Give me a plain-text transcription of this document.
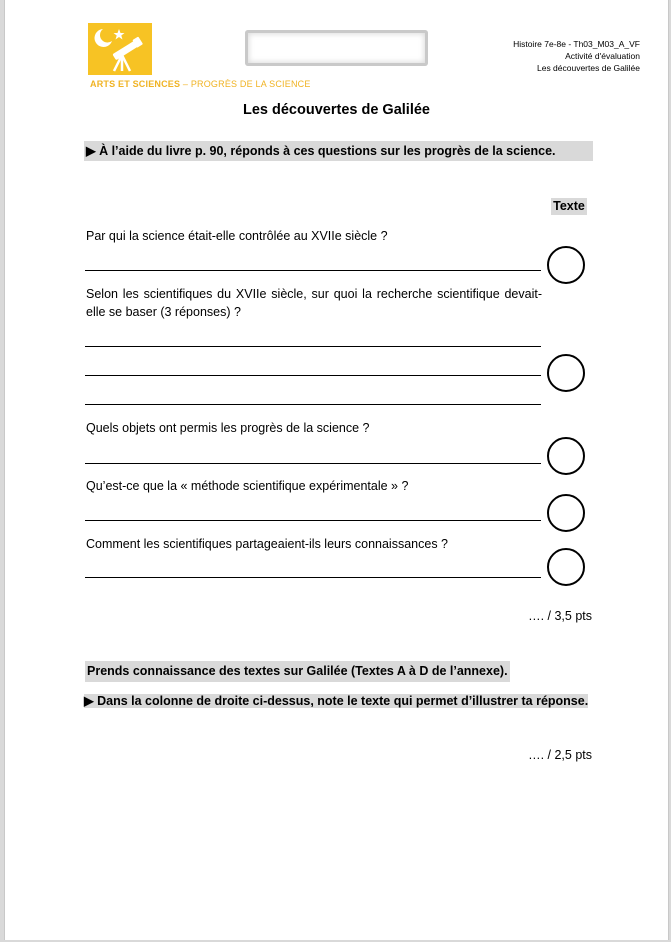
ARTS ET SCIENCES – PROGRÈS DE LA SCIENCE
Histoire 7e-8e - Th03_M03_A_VF
Activité d'évaluation
Les découvertes de Galilée
Les découvertes de Galilée
▶ À l’aide du livre p. 90, réponds à ces questions sur les progrès de la science.
Texte
Par qui la science était-elle contrôlée au XVIIe siècle ?
Selon les scientifiques du XVIIe siècle, sur quoi la recherche scientifique devait-elle se baser (3 réponses) ?
Quels objets ont permis les progrès de la science ?
Qu’est-ce que la « méthode scientifique expérimentale » ?
Comment les scientifiques partageaient-ils leurs connaissances ?
…. / 3,5 pts
Prends connaissance des textes sur Galilée (Textes A à D de l’annexe).
▶ Dans la colonne de droite ci-dessus, note le texte qui permet d’illustrer ta réponse.
…. / 2,5 pts
